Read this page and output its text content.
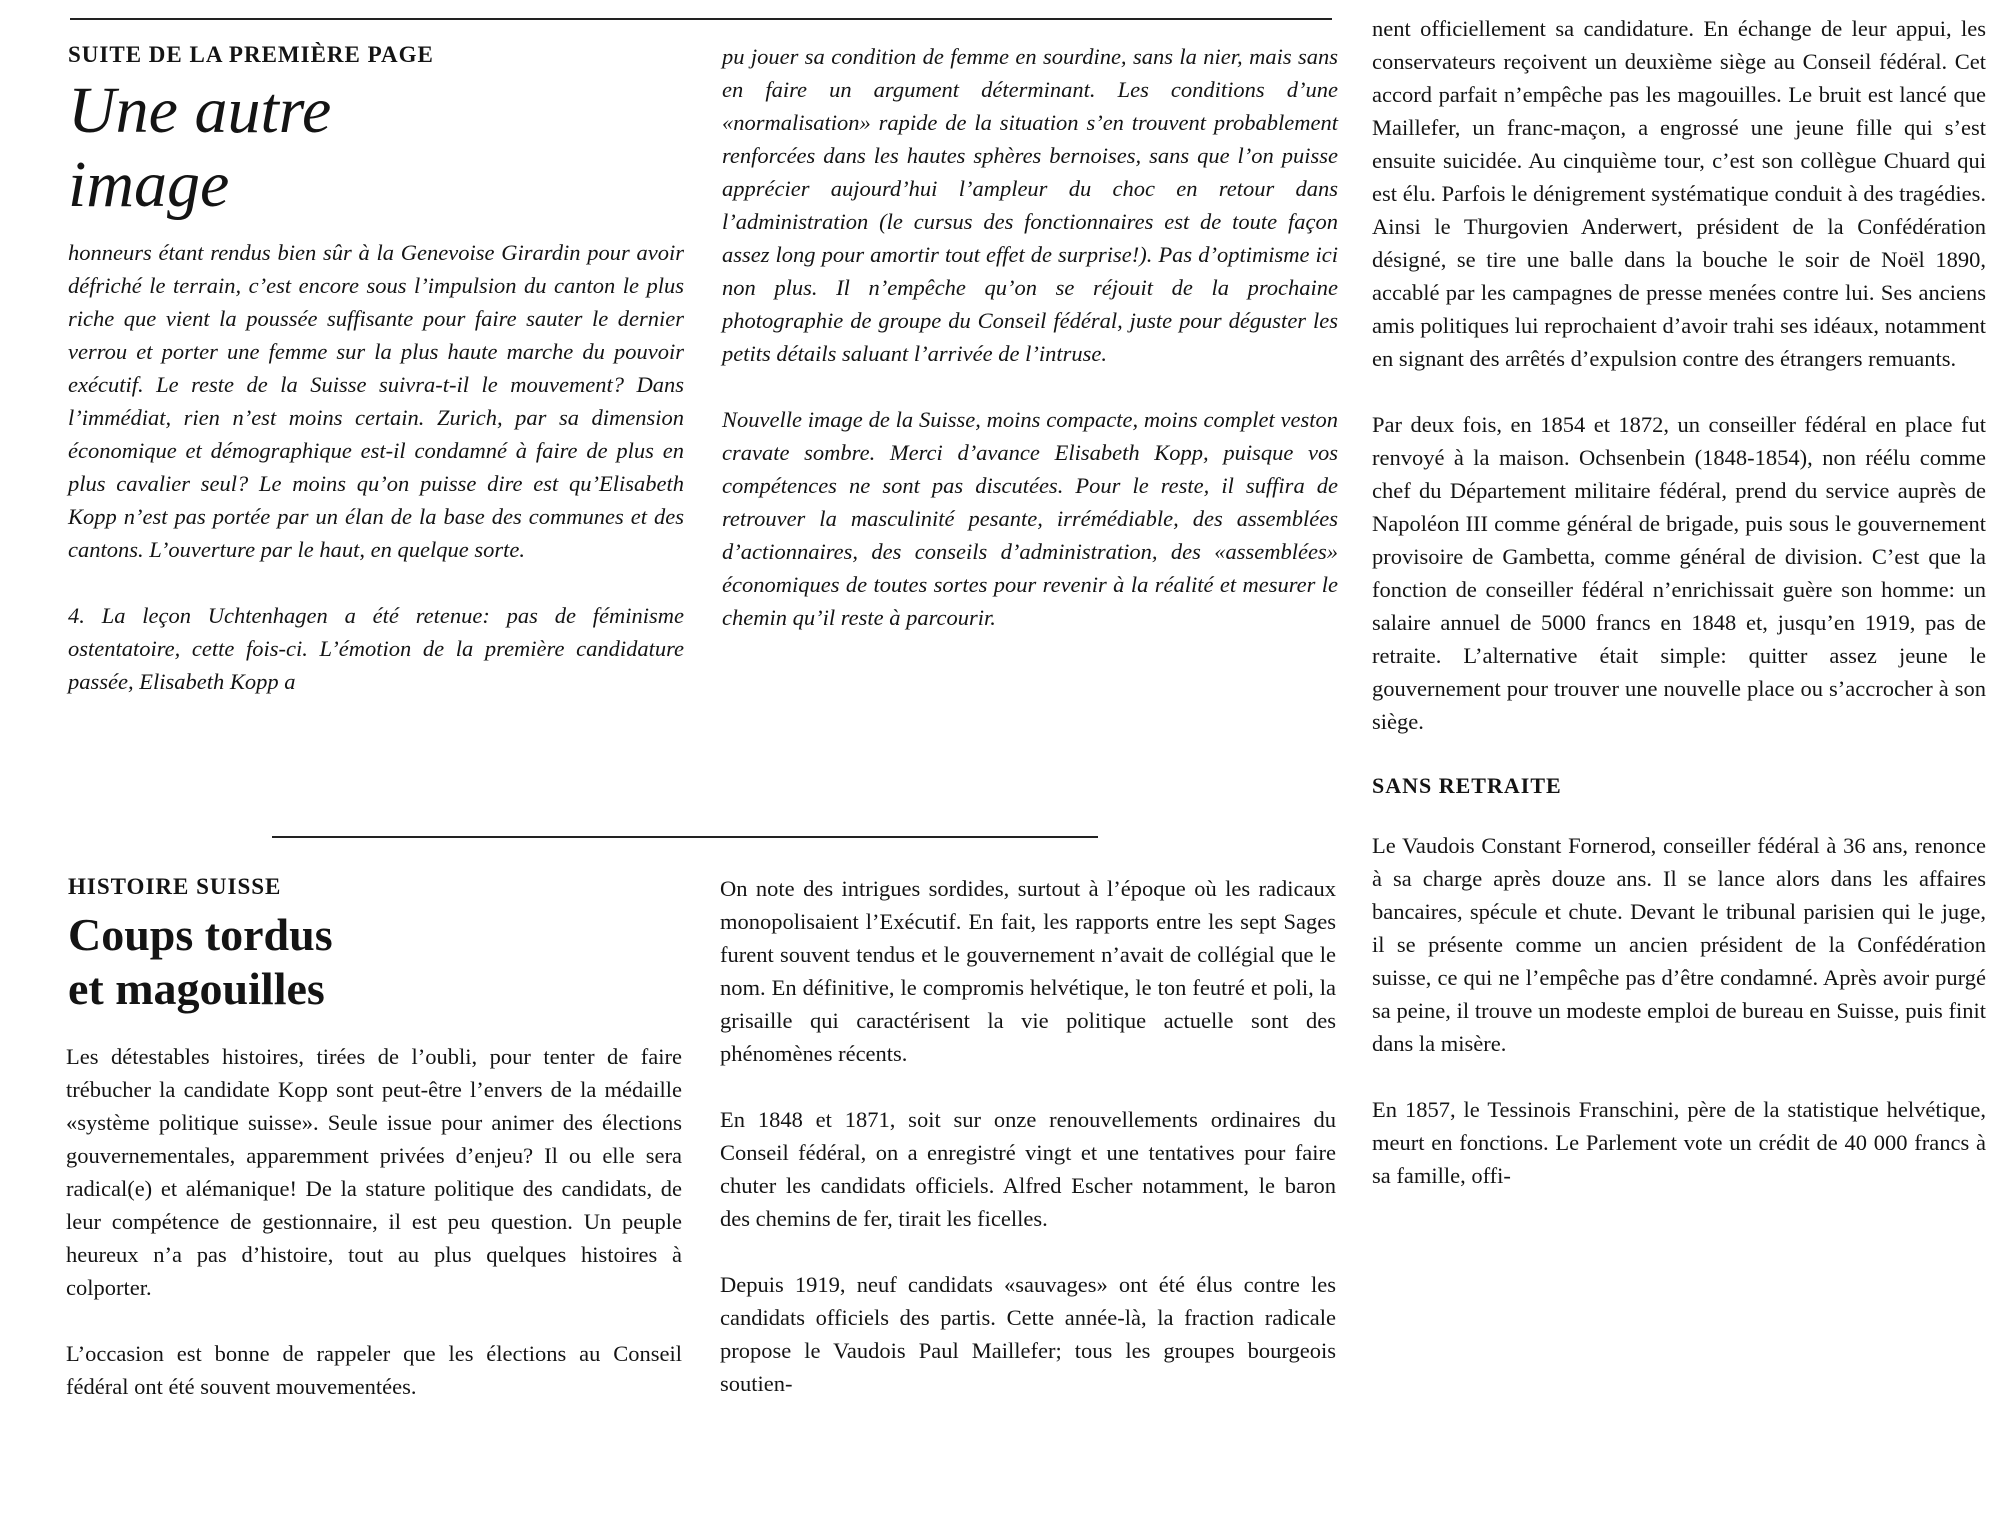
SUITE DE LA PREMIÈRE PAGE
Une autre
image

honneurs étant rendus bien sûr à la Genevoise Girardin pour avoir défriché le terrain, c’est encore sous l’impulsion du canton le plus riche que vient la poussée suffisante pour faire sauter le dernier verrou et porter une femme sur la plus haute marche du pouvoir exécutif. Le reste de la Suisse suivra-t-il le mouvement? Dans l’immédiat, rien n’est moins certain. Zurich, par sa dimension économique et démographique est-il condamné à faire de plus en plus cavalier seul? Le moins qu’on puisse dire est qu’Elisabeth Kopp n’est pas portée par un élan de la base des communes et des cantons. L’ouverture par le haut, en quelque sorte.

4. La leçon Uchtenhagen a été retenue: pas de féminisme ostentatoire, cette fois-ci. L’émotion de la première candidature passée, Elisabeth Kopp a

pu jouer sa condition de femme en sourdine, sans la nier, mais sans en faire un argument déterminant. Les conditions d’une «normalisation» rapide de la situation s’en trouvent probablement renforcées dans les hautes sphères bernoises, sans que l’on puisse apprécier aujourd’hui l’ampleur du choc en retour dans l’administration (le cursus des fonctionnaires est de toute façon assez long pour amortir tout effet de surprise!). Pas d’optimisme ici non plus. Il n’empêche qu’on se réjouit de la prochaine photographie de groupe du Conseil fédéral, juste pour déguster les petits détails saluant l’arrivée de l’intruse.

Nouvelle image de la Suisse, moins compacte, moins complet veston cravate sombre. Merci d’avance Elisabeth Kopp, puisque vos compétences ne sont pas discutées. Pour le reste, il suffira de retrouver la masculinité pesante, irrémédiable, des assemblées d’actionnaires, des conseils d’administration, des «assemblées» économiques de toutes sortes pour revenir à la réalité et mesurer le chemin qu’il reste à parcourir.

HISTOIRE SUISSE
Coups tordus
et magouilles

Les détestables histoires, tirées de l’oubli, pour tenter de faire trébucher la candidate Kopp sont peut-être l’envers de la médaille «système politique suisse». Seule issue pour animer des élections gouvernementales, apparemment privées d’enjeu? Il ou elle sera radical(e) et alémanique! De la stature politique des candidats, de leur compétence de gestionnaire, il est peu question. Un peuple heureux n’a pas d’histoire, tout au plus quelques histoires à colporter.

L’occasion est bonne de rappeler que les élections au Conseil fédéral ont été souvent mouvementées.

On note des intrigues sordides, surtout à l’époque où les radicaux monopolisaient l’Exécutif. En fait, les rapports entre les sept Sages furent souvent tendus et le gouvernement n’avait de collégial que le nom. En définitive, le compromis helvétique, le ton feutré et poli, la grisaille qui caractérisent la vie politique actuelle sont des phénomènes récents.

En 1848 et 1871, soit sur onze renouvellements ordinaires du Conseil fédéral, on a enregistré vingt et une tentatives pour faire chuter les candidats officiels. Alfred Escher notamment, le baron des chemins de fer, tirait les ficelles.

Depuis 1919, neuf candidats «sauvages» ont été élus contre les candidats officiels des partis. Cette année-là, la fraction radicale propose le Vaudois Paul Maillefer; tous les groupes bourgeois soutien-

nent officiellement sa candidature. En échange de leur appui, les conservateurs reçoivent un deuxième siège au Conseil fédéral. Cet accord parfait n’empêche pas les magouilles. Le bruit est lancé que Maillefer, un franc-maçon, a engrossé une jeune fille qui s’est ensuite suicidée. Au cinquième tour, c’est son collègue Chuard qui est élu. Parfois le dénigrement systématique conduit à des tragédies. Ainsi le Thurgovien Anderwert, président de la Confédération désigné, se tire une balle dans la bouche le soir de Noël 1890, accablé par les campagnes de presse menées contre lui. Ses anciens amis politiques lui reprochaient d’avoir trahi ses idéaux, notamment en signant des arrêtés d’expulsion contre des étrangers remuants.

Par deux fois, en 1854 et 1872, un conseiller fédéral en place fut renvoyé à la maison. Ochsenbein (1848-1854), non réélu comme chef du Département militaire fédéral, prend du service auprès de Napoléon III comme général de brigade, puis sous le gouvernement provisoire de Gambetta, comme général de division. C’est que la fonction de conseiller fédéral n’enrichissait guère son homme: un salaire annuel de 5000 francs en 1848 et, jusqu’en 1919, pas de retraite. L’alternative était simple: quitter assez jeune le gouvernement pour trouver une nouvelle place ou s’accrocher à son siège.

SANS RETRAITE

Le Vaudois Constant Fornerod, conseiller fédéral à 36 ans, renonce à sa charge après douze ans. Il se lance alors dans les affaires bancaires, spécule et chute. Devant le tribunal parisien qui le juge, il se présente comme un ancien président de la Confédération suisse, ce qui ne l’empêche pas d’être condamné. Après avoir purgé sa peine, il trouve un modeste emploi de bureau en Suisse, puis finit dans la misère.

En 1857, le Tessinois Franschini, père de la statistique helvétique, meurt en fonctions. Le Parlement vote un crédit de 40 000 francs à sa famille, offi-
